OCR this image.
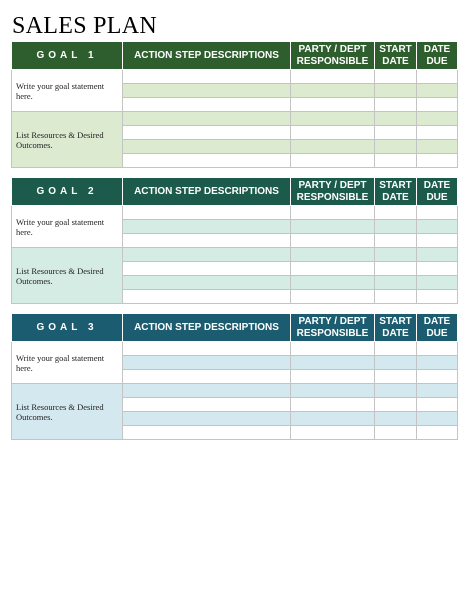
SALES PLAN
GOAL 1	ACTION STEP DESCRIPTIONS	PARTY / DEPT RESPONSIBLE	START DATE	DATE DUE
Write your goal statement here.				

List Resources & Desired Outcomes.				

GOAL 2	ACTION STEP DESCRIPTIONS	PARTY / DEPT RESPONSIBLE	START DATE	DATE DUE
Write your goal statement here.				

List Resources & Desired Outcomes.				

GOAL 3	ACTION STEP DESCRIPTIONS	PARTY / DEPT RESPONSIBLE	START DATE	DATE DUE
Write your goal statement here.				

List Resources & Desired Outcomes.				
